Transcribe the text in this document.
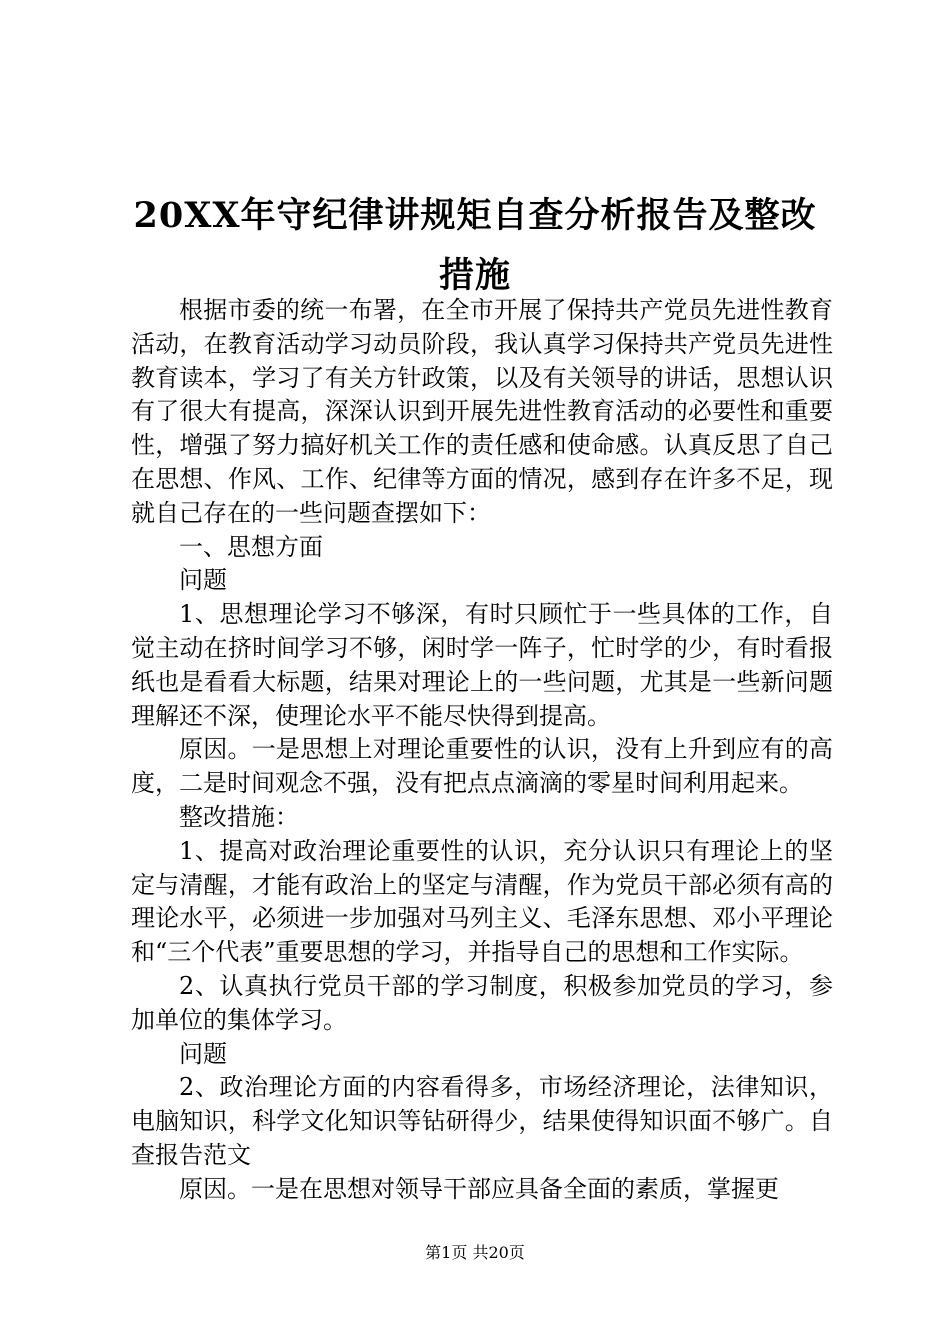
20XX年守纪律讲规矩自查分析报告及整改措施

根据市委的统一布署，在全市开展了保持共产党员先进性教育活动，在教育活动学习动员阶段，我认真学习保持共产党员先进性教育读本，学习了有关方针政策，以及有关领导的讲话，思想认识有了很大有提高，深深认识到开展先进性教育活动的必要性和重要性，增强了努力搞好机关工作的责任感和使命感。认真反思了自己在思想、作风、工作、纪律等方面的情况，感到存在许多不足，现就自己存在的一些问题查摆如下：

一、思想方面

问题

1、思想理论学习不够深，有时只顾忙于一些具体的工作，自觉主动在挤时间学习不够，闲时学一阵子，忙时学的少，有时看报纸也是看看大标题，结果对理论上的一些问题，尤其是一些新问题理解还不深，使理论水平不能尽快得到提高。

原因。一是思想上对理论重要性的认识，没有上升到应有的高度，二是时间观念不强，没有把点点滴滴的零星时间利用起来。

整改措施：

1、提高对政治理论重要性的认识，充分认识只有理论上的坚定与清醒，才能有政治上的坚定与清醒，作为党员干部必须有高的理论水平，必须进一步加强对马列主义、毛泽东思想、邓小平理论和“三个代表”重要思想的学习，并指导自己的思想和工作实际。

2、认真执行党员干部的学习制度，积极参加党员的学习，参加单位的集体学习。

问题

2、政治理论方面的内容看得多，市场经济理论，法律知识，电脑知识，科学文化知识等钻研得少，结果使得知识面不够广。自查报告范文

原因。一是在思想对领导干部应具备全面的素质，掌握更

第1页 共20页
